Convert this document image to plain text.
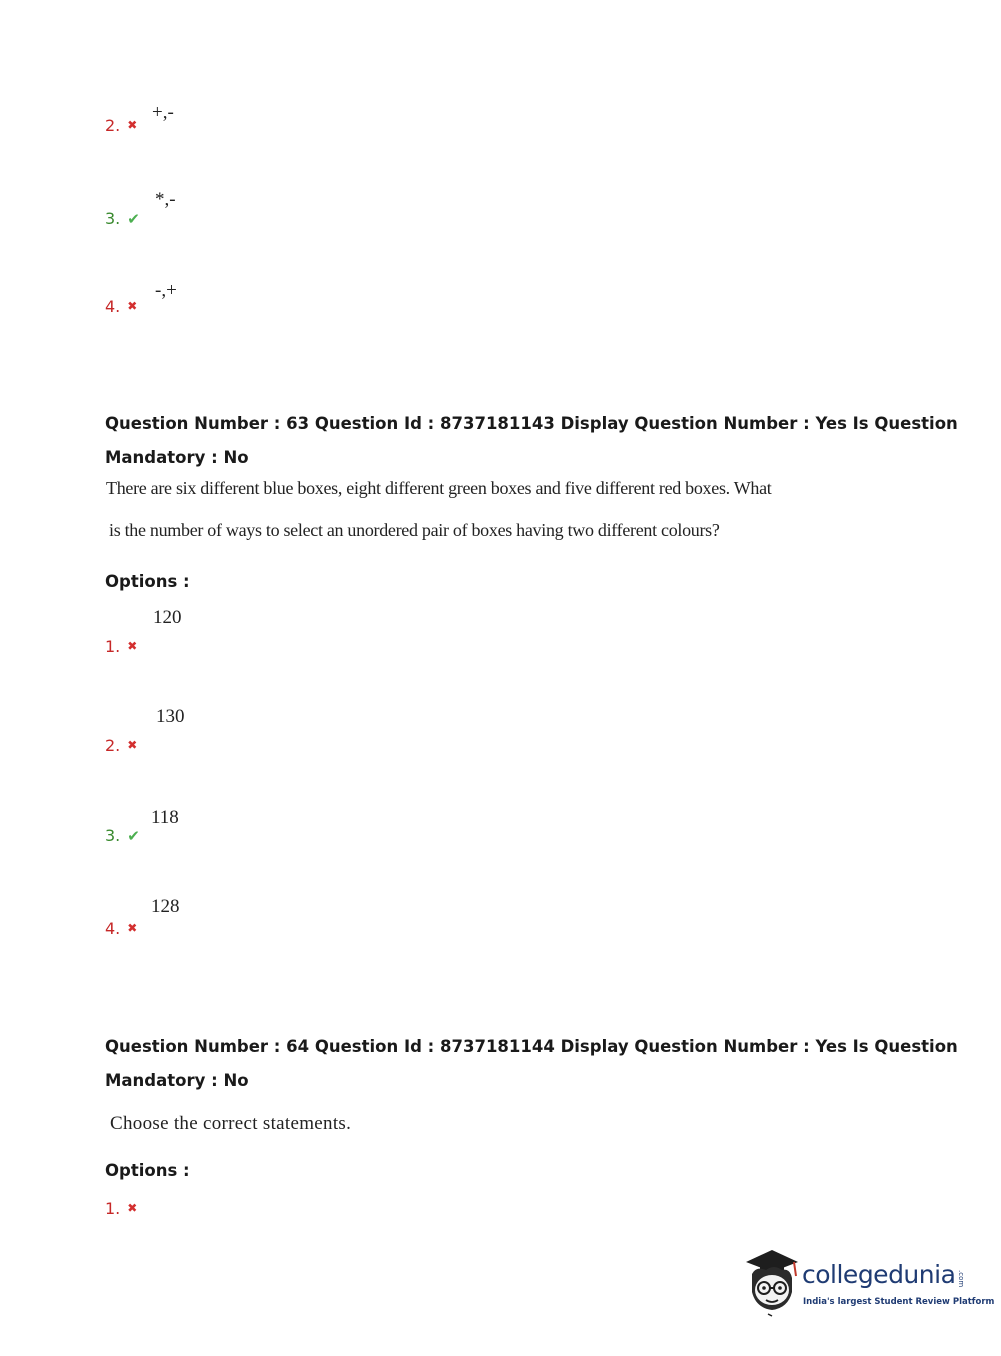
2. ✖
+,-
3. ✔
*,-
4. ✖
-,+
Question Number : 63 Question Id : 8737181143 Display Question Number : Yes Is Question
Mandatory : No
There are six different blue boxes, eight different green boxes and five different red boxes. What
is the number of ways to select an unordered pair of boxes having two different colours?
Options :
120
1. ✖
130
2. ✖
118
3. ✔
128
4. ✖
Question Number : 64 Question Id : 8737181144 Display Question Number : Yes Is Question
Mandatory : No
Choose the correct statements.
Options :
1. ✖
collegedunia .com
India's largest Student Review Platform
